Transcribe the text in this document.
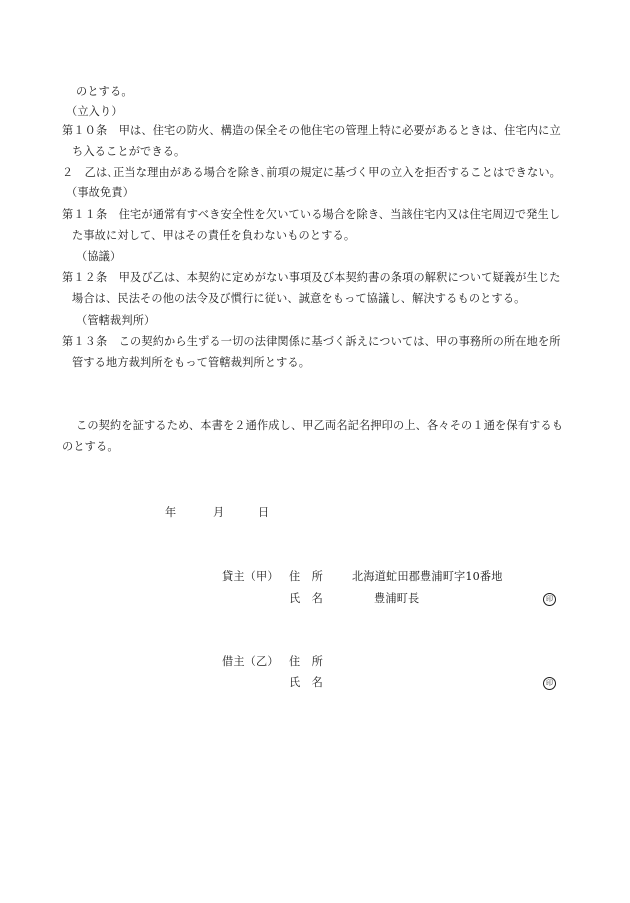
のとする。
（立入り）
第１０条　甲は、住宅の防火、構造の保全その他住宅の管理上特に必要があるときは、住宅内に立
ち入ることができる。
２　乙は､正当な理由がある場合を除き､前項の規定に基づく甲の立入を拒否することはできない。
（事故免責）
第１１条　住宅が通常有すべき安全性を欠いている場合を除き、当該住宅内又は住宅周辺で発生し
た事故に対して、甲はその責任を負わないものとする。
（協議）
第１２条　甲及び乙は、本契約に定めがない事項及び本契約書の条項の解釈について疑義が生じた
場合は、民法その他の法令及び慣行に従い、誠意をもって協議し、解決するものとする。
（管轄裁判所）
第１３条　この契約から生ずる一切の法律関係に基づく訴えについては、甲の事務所の所在地を所
管する地方裁判所をもって管轄裁判所とする。
この契約を証するため、本書を２通作成し、甲乙両名記名押印の上、各々その１通を保有するも
のとする。
年	月	日
貸主（甲） 住　所	北海道虻田郡豊浦町字10番地
氏　名	豊浦町長	印
借主（乙） 住　所
氏　名	印
